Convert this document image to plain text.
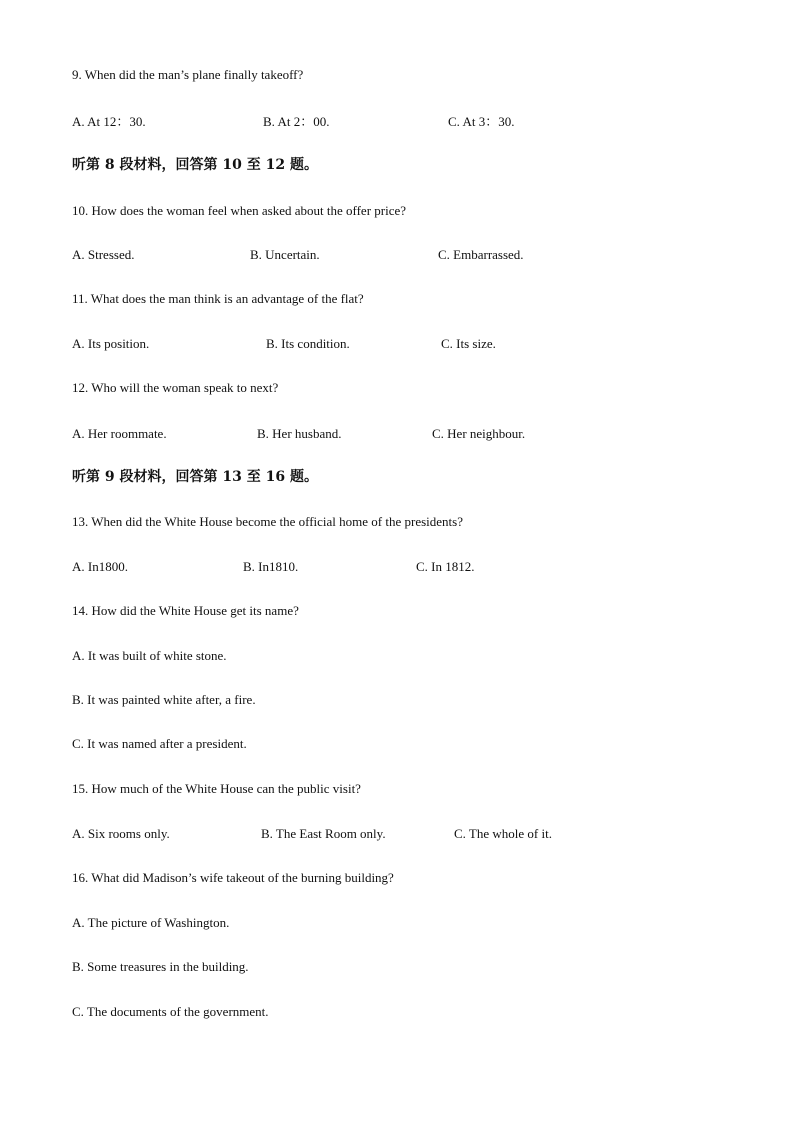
9. When did the man’s plane finally takeoff?
A. At 12：30.	B. At 2：00.	C. At 3：30.
听第 8 段材料，回答第 10 至 12 题。
10. How does the woman feel when asked about the offer price?
A. Stressed.	B. Uncertain.	C. Embarrassed.
11. What does the man think is an advantage of the flat?
A. Its position.	B. Its condition.	C. Its size.
12. Who will the woman speak to next?
A. Her roommate.	B. Her husband.	C. Her neighbour.
听第 9 段材料，回答第 13 至 16 题。
13. When did the White House become the official home of the presidents?
A. In1800.	B. In1810.	C. In 1812.
14. How did the White House get its name?
A. It was built of white stone.
B. It was painted white after, a fire.
C. It was named after a president.
15. How much of the White House can the public visit?
A. Six rooms only.	B. The East Room only.	C. The whole of it.
16. What did Madison’s wife takeout of the burning building?
A. The picture of Washington.
B. Some treasures in the building.
C. The documents of the government.
